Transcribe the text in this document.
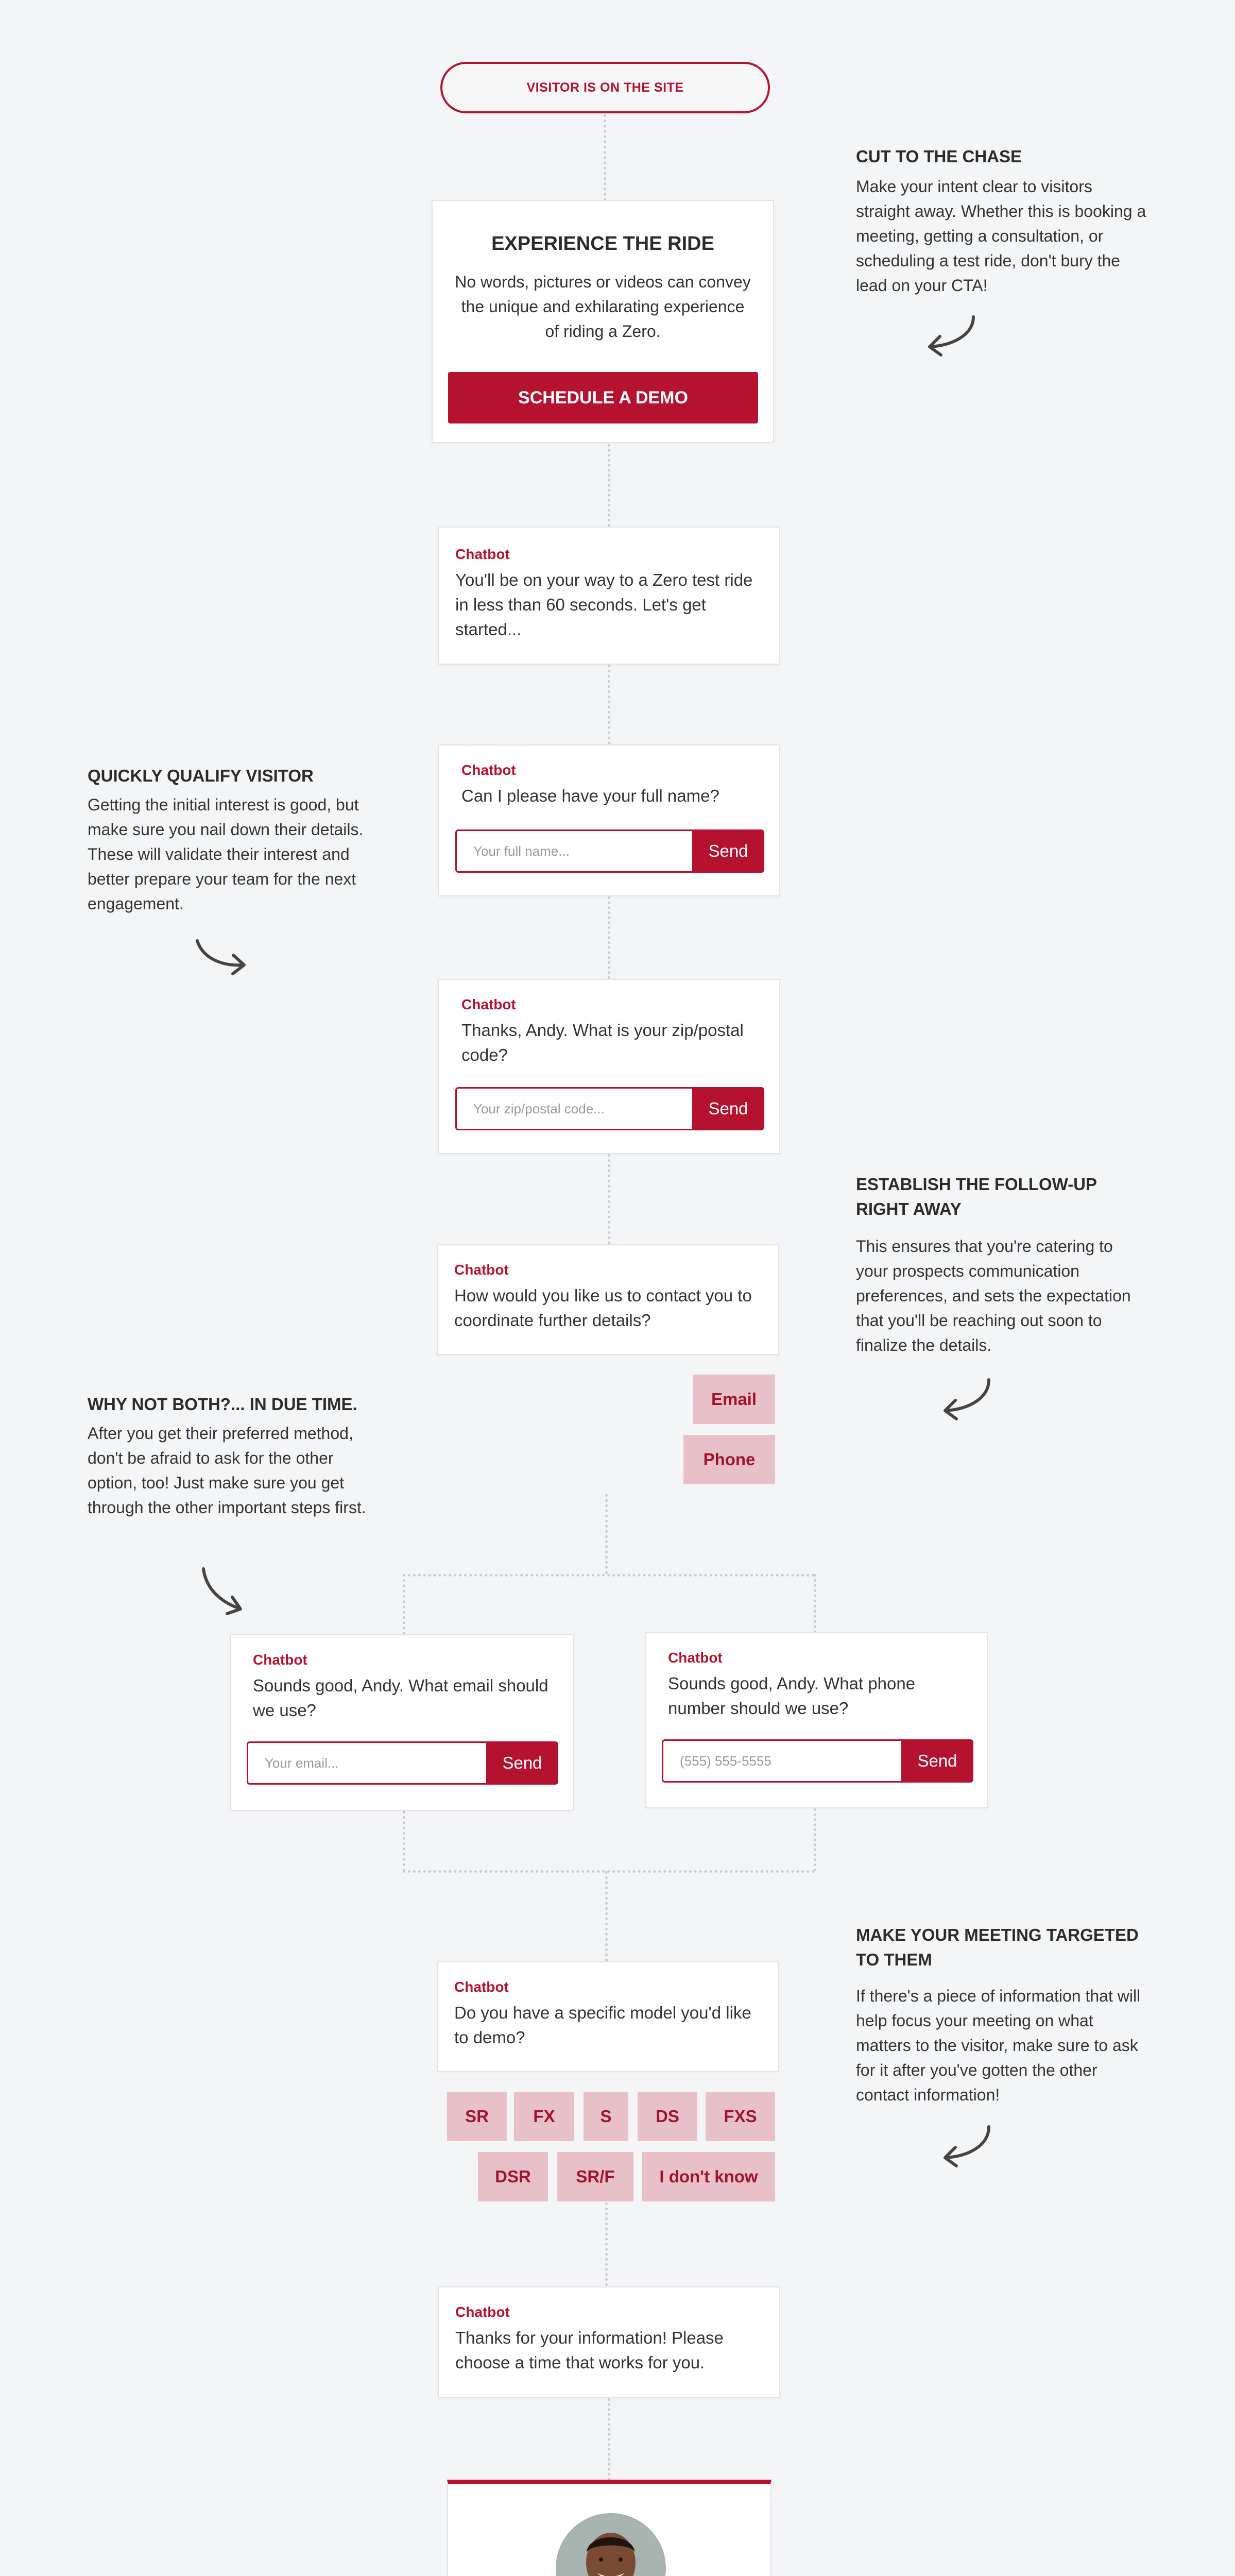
VISITOR IS ON THE SITE
EXPERIENCE THE RIDE
No words, pictures or videos can convey the unique and exhilarating experience of riding a Zero.
SCHEDULE A DEMO
CUT TO THE CHASE
Make your intent clear to visitors straight away. Whether this is booking a meeting, getting a consultation, or scheduling a test ride, don't bury the lead on your CTA!
Chatbot
You'll be on your way to a Zero test ride in less than 60 seconds. Let's get started...
Chatbot
Can I please have your full name?
Your full name...	Send
QUICKLY QUALIFY VISITOR
Getting the initial interest is good, but make sure you nail down their details. These will validate their interest and better prepare your team for the next engagement.
Chatbot
Thanks, Andy. What is your zip/postal code?
Your zip/postal code...	Send
ESTABLISH THE FOLLOW-UP RIGHT AWAY
This ensures that you're catering to your prospects communication preferences, and sets the expectation that you'll be reaching out soon to finalize the details.
Chatbot
How would you like us to contact you to coordinate further details?
Email
Phone
WHY NOT BOTH?... IN DUE TIME.
After you get their preferred method, don't be afraid to ask for the other option, too! Just make sure you get through the other important steps first.
Chatbot
Sounds good, Andy. What email should we use?
Your email...	Send
Chatbot
Sounds good, Andy. What phone number should we use?
(555) 555-5555	Send
MAKE YOUR MEETING TARGETED TO THEM
If there's a piece of information that will help focus your meeting on what matters to the visitor, make sure to ask for it after you've gotten the other contact information!
Chatbot
Do you have a specific model you'd like to demo?
SR	FX	S	DS	FXS
DSR	SR/F	I don't know
Chatbot
Thanks for your information! Please choose a time that works for you.
